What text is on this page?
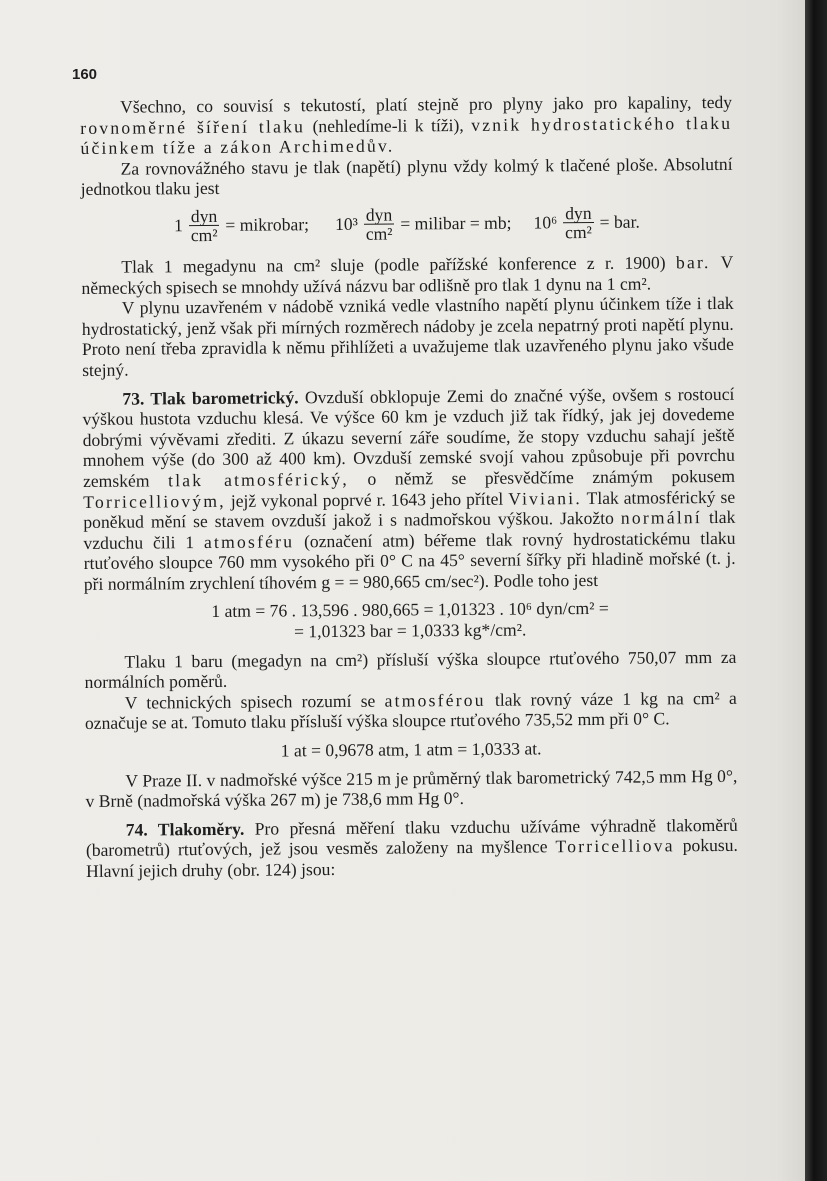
160

Všechno, co souvisí s tekutostí, platí stejně pro plyny jako pro kapaliny, tedy rovnoměrné šíření tlaku (nehledíme-li k tíži), vznik hydrostatického tlaku účinkem tíže a zákon Archimedův.

Za rovnovážného stavu je tlak (napětí) plynu vždy kolmý k tlačené ploše. Absolutní jednotkou tlaku jest

$1 \frac{\text{dyn}}{\text{cm²}}$ = mikrobar; $10^3 \frac{\text{dyn}}{\text{cm²}}$ = milibar = mb; $10^6 \frac{\text{dyn}}{\text{cm²}}$ = bar.

Tlak 1 megadynu na cm² sluje (podle pařížské konference z r. 1900) bar. V německých spisech se mnohdy užívá názvu bar odlišně pro tlak 1 dynu na 1 cm².

V plynu uzavřeném v nádobě vzniká vedle vlastního napětí plynu účinkem tíže i tlak hydrostatický, jenž však při mírných rozměrech nádoby je zcela nepatrný proti napětí plynu. Proto není třeba zpravidla k němu přihlížeti a uvažujeme tlak uzavřeného plynu jako všude stejný.

73. Tlak barometrický. Ovzduší obklopuje Zemi do značné výše, ovšem s rostoucí výškou hustota vzduchu klesá. Ve výšce 60 km je vzduch již tak řídký, jak jej dovedeme dobrými vývěvami zřediti. Z úkazu severní záře soudíme, že stopy vzduchu sahají ještě mnohem výše (do 300 až 400 km). Ovzduší zemské svojí vahou způsobuje při povrchu zemském tlak atmosférický, o němž se přesvědčíme známým pokusem Torricelliovým, jejž vykonal poprvé r. 1643 jeho přítel Viviani. Tlak atmosférický se poněkud mění se stavem ovzduší jakož i s nadmořskou výškou. Jakožto normální tlak vzduchu čili 1 atmosféru (označení atm) béřeme tlak rovný hydrostatickému tlaku rtuťového sloupce 760 mm vysokého při 0° C na 45° severní šířky při hladině mořské (t. j. při normálním zrychlení tíhovém g = = 980,665 cm/sec²). Podle toho jest

1 atm = 76 . 13,596 . 980,665 = 1,01323 . 10⁶ dyn/cm² =
= 1,01323 bar = 1,0333 kg*/cm².

Tlaku 1 baru (megadyn na cm²) přísluší výška sloupce rtuťového 750,07 mm za normálních poměrů.

V technických spisech rozumí se atmosférou tlak rovný váze 1 kg na cm² a označuje se at. Tomuto tlaku přísluší výška sloupce rtuťového 735,52 mm při 0° C.

1 at = 0,9678 atm, 1 atm = 1,0333 at.

V Praze II. v nadmořské výšce 215 m je průměrný tlak barometrický 742,5 mm Hg 0°, v Brně (nadmořská výška 267 m) je 738,6 mm Hg 0°.

74. Tlakoměry. Pro přesná měření tlaku vzduchu užíváme výhradně tlakoměrů (barometrů) rtuťových, jež jsou vesměs založeny na myšlence Torricelliova pokusu. Hlavní jejich druhy (obr. 124) jsou:
